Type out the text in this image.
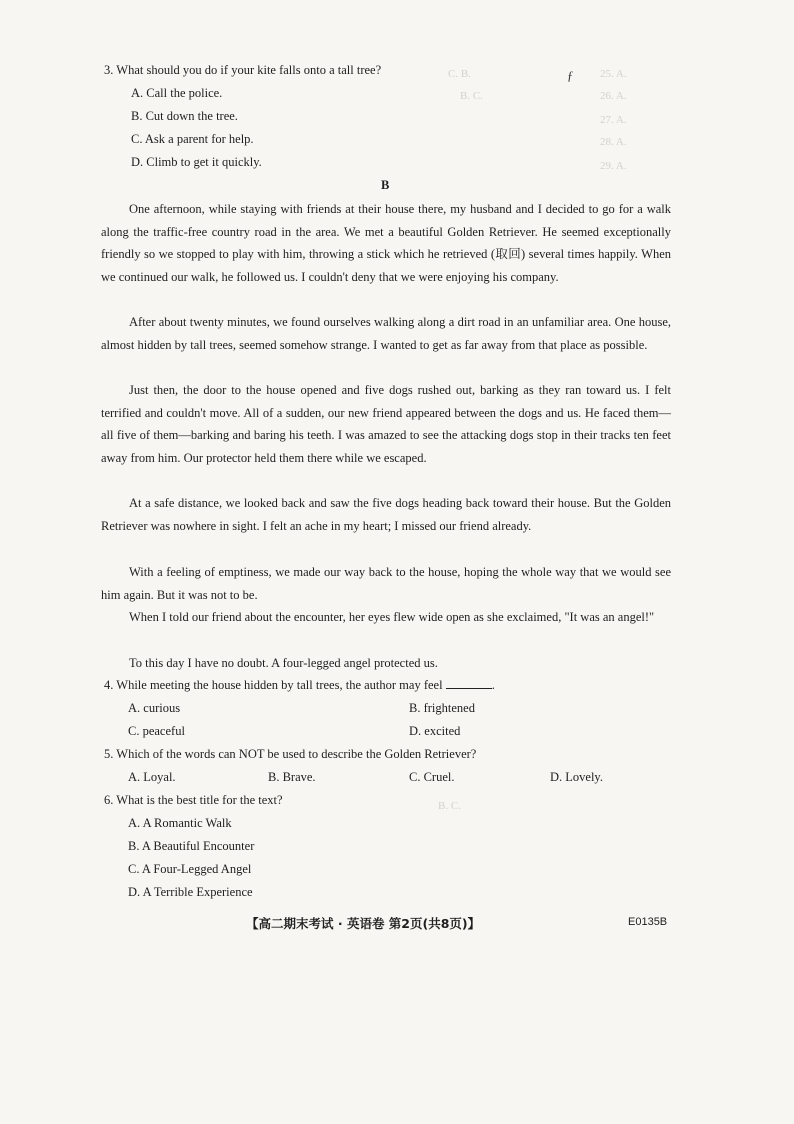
C. B.	25. A.
B. C.	26. A.
27. A.
28. A.
29. A.
B. C.
ƒ
3. What should you do if your kite falls onto a tall tree?
A. Call the police.
B. Cut down the tree.
C. Ask a parent for help.
D. Climb to get it quickly.
B
One afternoon, while staying with friends at their house there, my husband and I decided to go for a walk along the traffic-free country road in the area. We met a beautiful Golden Retriever. He seemed exceptionally friendly so we stopped to play with him, throwing a stick which he retrieved (取回) several times happily. When we continued our walk, he followed us. I couldn't deny that we were enjoying his company.
After about twenty minutes, we found ourselves walking along a dirt road in an unfamiliar area. One house, almost hidden by tall trees, seemed somehow strange. I wanted to get as far away from that place as possible.
Just then, the door to the house opened and five dogs rushed out, barking as they ran toward us. I felt terrified and couldn't move. All of a sudden, our new friend appeared between the dogs and us. He faced them—all five of them—barking and baring his teeth. I was amazed to see the attacking dogs stop in their tracks ten feet away from him. Our protector held them there while we escaped.
At a safe distance, we looked back and saw the five dogs heading back toward their house. But the Golden Retriever was nowhere in sight. I felt an ache in my heart; I missed our friend already.
With a feeling of emptiness, we made our way back to the house, hoping the whole way that we would see him again. But it was not to be.
When I told our friend about the encounter, her eyes flew wide open as she exclaimed, "It was an angel!"
To this day I have no doubt. A four-legged angel protected us.
4. While meeting the house hidden by tall trees, the author may feel	.
A. curious	B. frightened
C. peaceful	D. excited
5. Which of the words can NOT be used to describe the Golden Retriever?
A. Loyal.	B. Brave.	C. Cruel.	D. Lovely.
6. What is the best title for the text?
A. A Romantic Walk
B. A Beautiful Encounter
C. A Four-Legged Angel
D. A Terrible Experience
【高二期末考试 · 英语卷 第2页(共8页)】	E0135B
